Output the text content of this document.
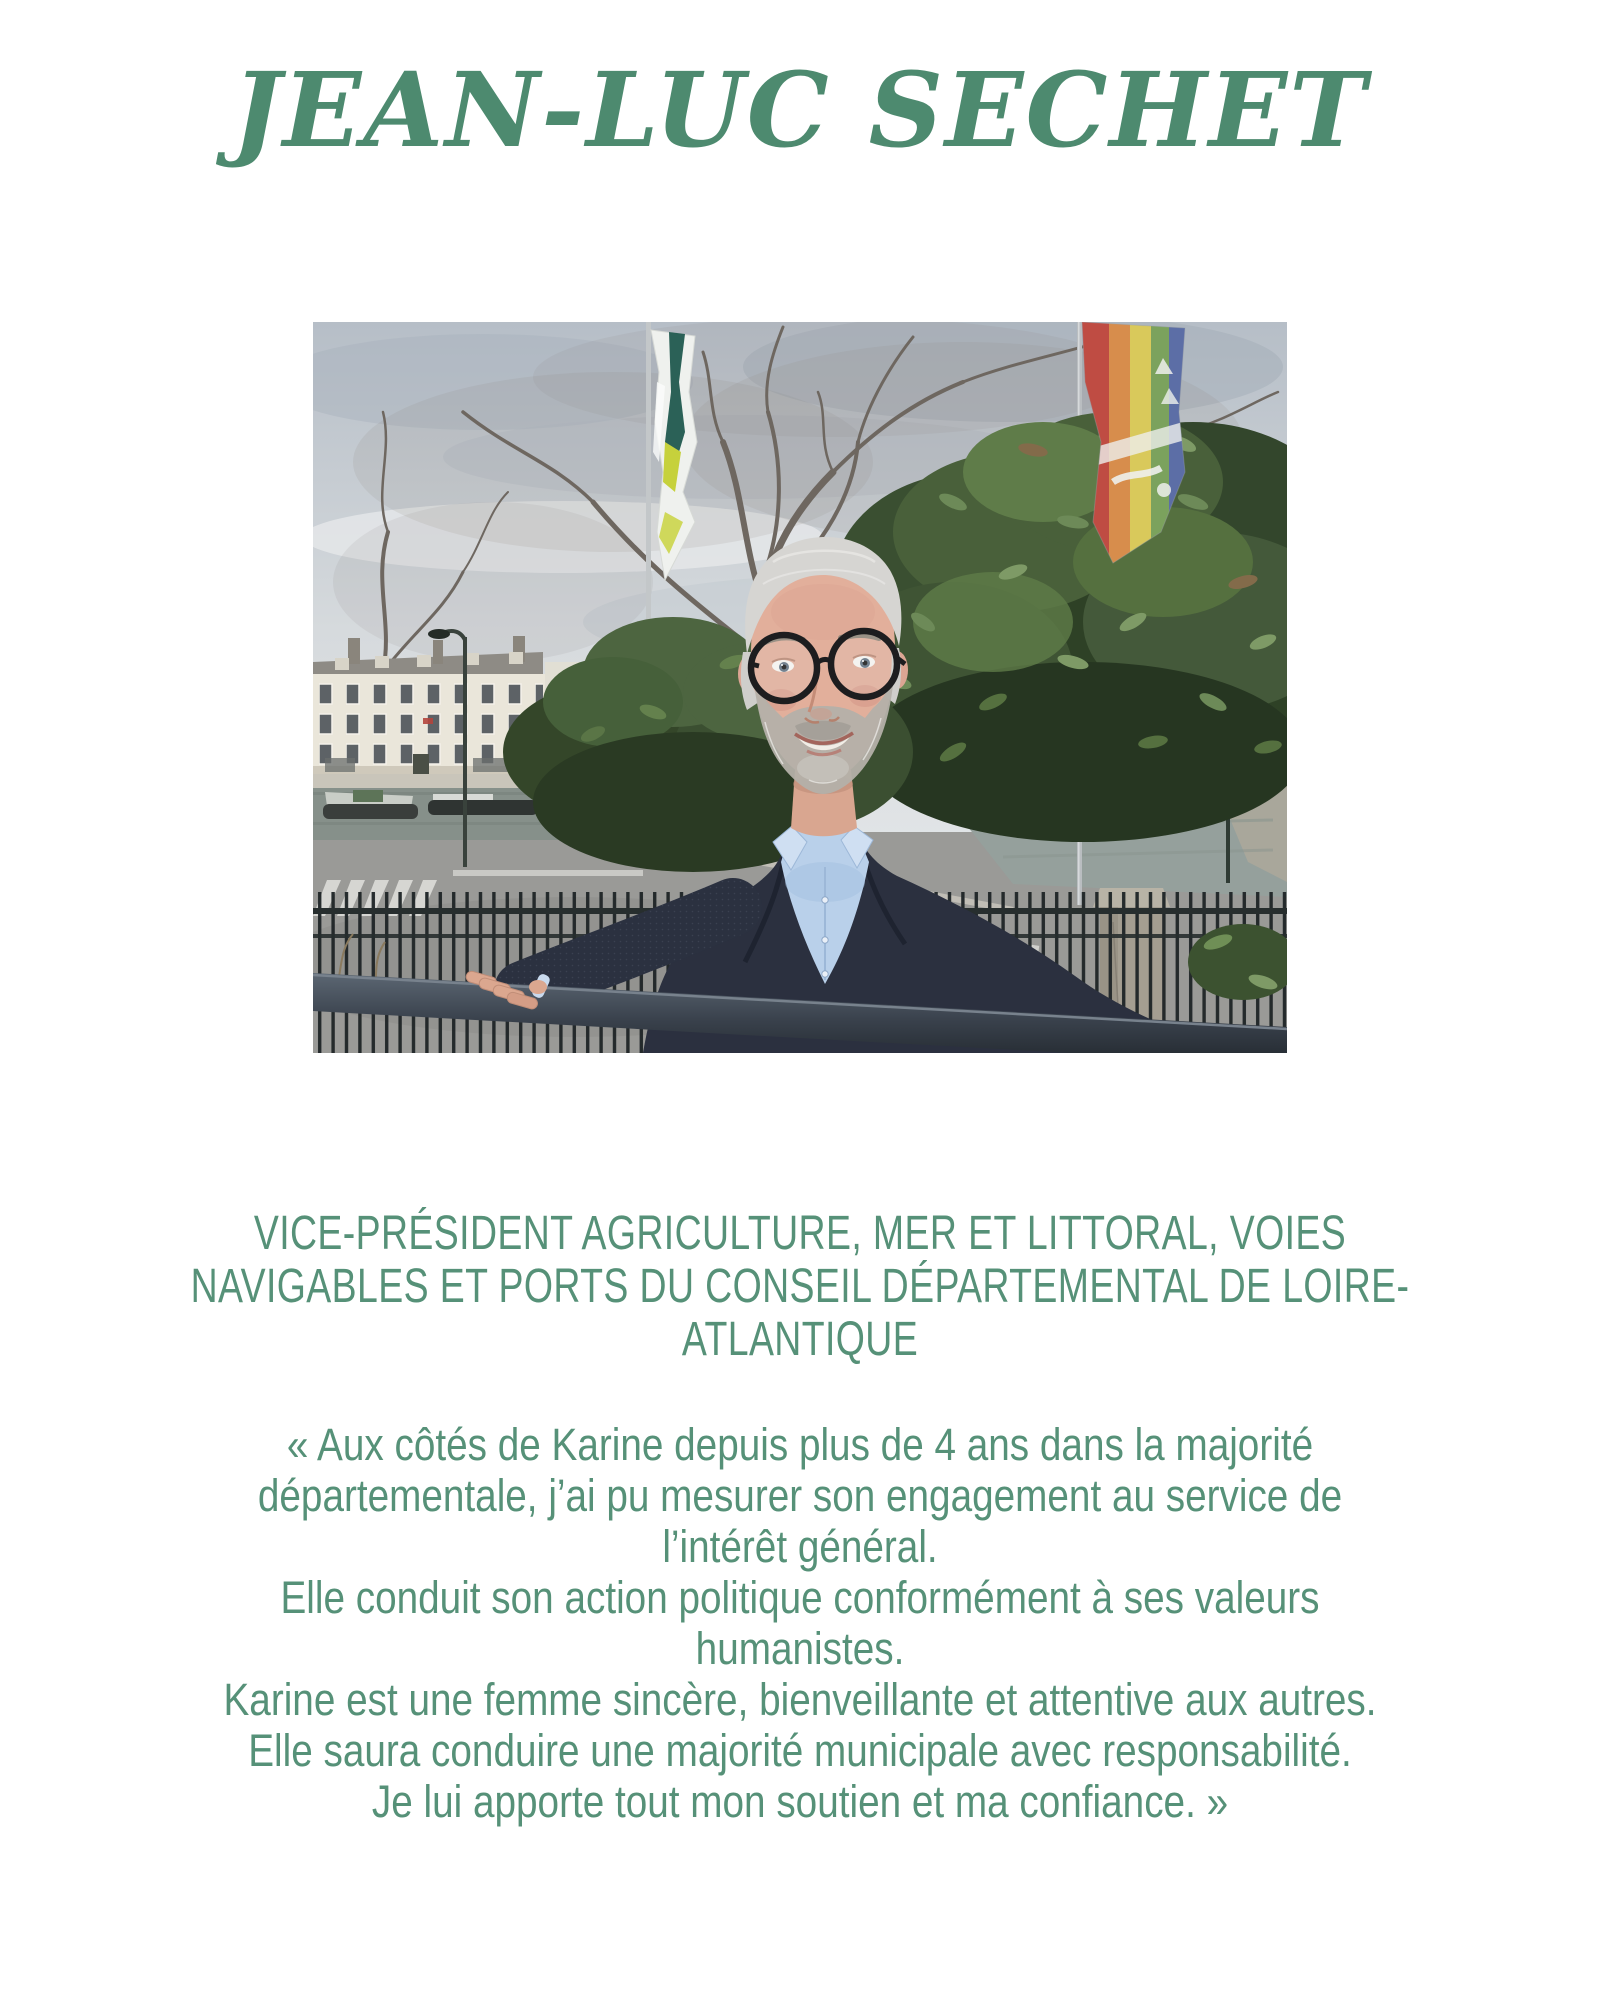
JEAN-LUC SECHET
VICE-PRÉSIDENT AGRICULTURE, MER ET LITTORAL, VOIES
NAVIGABLES ET PORTS DU CONSEIL DÉPARTEMENTAL DE LOIRE-
ATLANTIQUE
« Aux côtés de Karine depuis plus de 4 ans dans la majorité
départementale, j’ai pu mesurer son engagement au service de
l’intérêt général.
Elle conduit son action politique conformément à ses valeurs
humanistes.
Karine est une femme sincère, bienveillante et attentive aux autres.
Elle saura conduire une majorité municipale avec responsabilité.
Je lui apporte tout mon soutien et ma confiance. »
